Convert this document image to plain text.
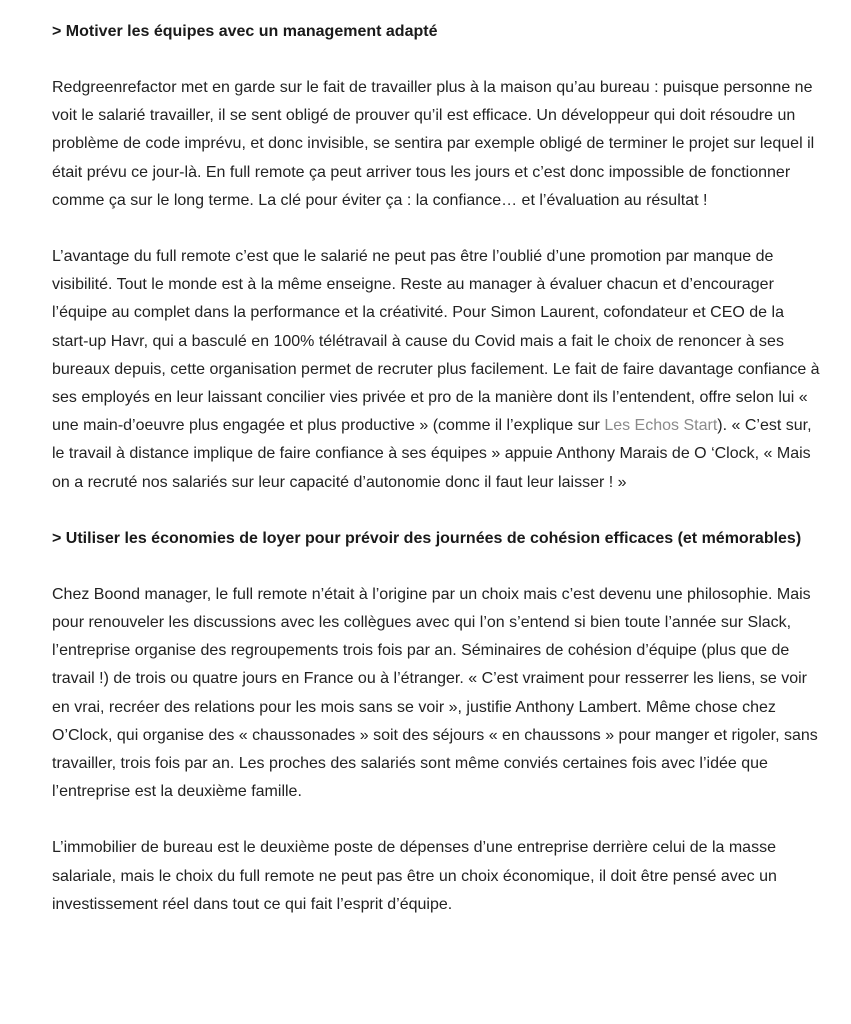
> Motiver les équipes avec un management adapté

Redgreenrefactor met en garde sur le fait de travailler plus à la maison qu’au bureau : puisque personne ne voit le salarié travailler, il se sent obligé de prouver qu’il est efficace. Un développeur qui doit résoudre un problème de code imprévu, et donc invisible, se sentira par exemple obligé de terminer le projet sur lequel il était prévu ce jour-là. En full remote ça peut arriver tous les jours et c’est donc impossible de fonctionner comme ça sur le long terme. La clé pour éviter ça : la confiance… et l’évaluation au résultat !

L’avantage du full remote c’est que le salarié ne peut pas être l’oublié d’une promotion par manque de visibilité. Tout le monde est à la même enseigne. Reste au manager à évaluer chacun et d’encourager l’équipe au complet dans la performance et la créativité. Pour Simon Laurent, cofondateur et CEO de la start-up Havr, qui a basculé en 100% télétravail à cause du Covid mais a fait le choix de renoncer à ses bureaux depuis, cette organisation permet de recruter plus facilement. Le fait de faire davantage confiance à ses employés en leur laissant concilier vies privée et pro de la manière dont ils l’entendent, offre selon lui « une main-d’oeuvre plus engagée et plus productive » (comme il l’explique sur Les Echos Start). « C’est sur, le travail à distance implique de faire confiance à ses équipes » appuie Anthony Marais de O ‘Clock, « Mais on a recruté nos salariés sur leur capacité d’autonomie donc il faut leur laisser ! »

> Utiliser les économies de loyer pour prévoir des journées de cohésion efficaces (et mémorables)

Chez Boond manager, le full remote n’était à l’origine par un choix mais c’est devenu une philosophie. Mais pour renouveler les discussions avec les collègues avec qui l’on s’entend si bien toute l’année sur Slack, l’entreprise organise des regroupements trois fois par an. Séminaires de cohésion d’équipe (plus que de travail !) de trois ou quatre jours en France ou à l’étranger. « C’est vraiment pour resserrer les liens, se voir en vrai, recréer des relations pour les mois sans se voir », justifie Anthony Lambert. Même chose chez O’Clock, qui organise des « chaussonades » soit des séjours « en chaussons » pour manger et rigoler, sans travailler, trois fois par an. Les proches des salariés sont même conviés certaines fois avec l’idée que l’entreprise est la deuxième famille.

L’immobilier de bureau est le deuxième poste de dépenses d’une entreprise derrière celui de la masse salariale, mais le choix du full remote ne peut pas être un choix économique, il doit être pensé avec un investissement réel dans tout ce qui fait l’esprit d’équipe.
